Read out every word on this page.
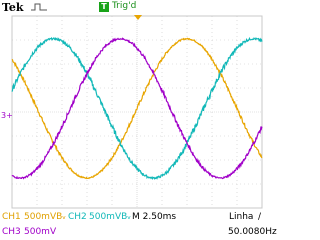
Tek	T Trig'd
3+
CH1 500mVBᵥ CH2 500mVBᵥ M 2.50ms	Linha ∕
CH3 500mV	50.0080Hz
